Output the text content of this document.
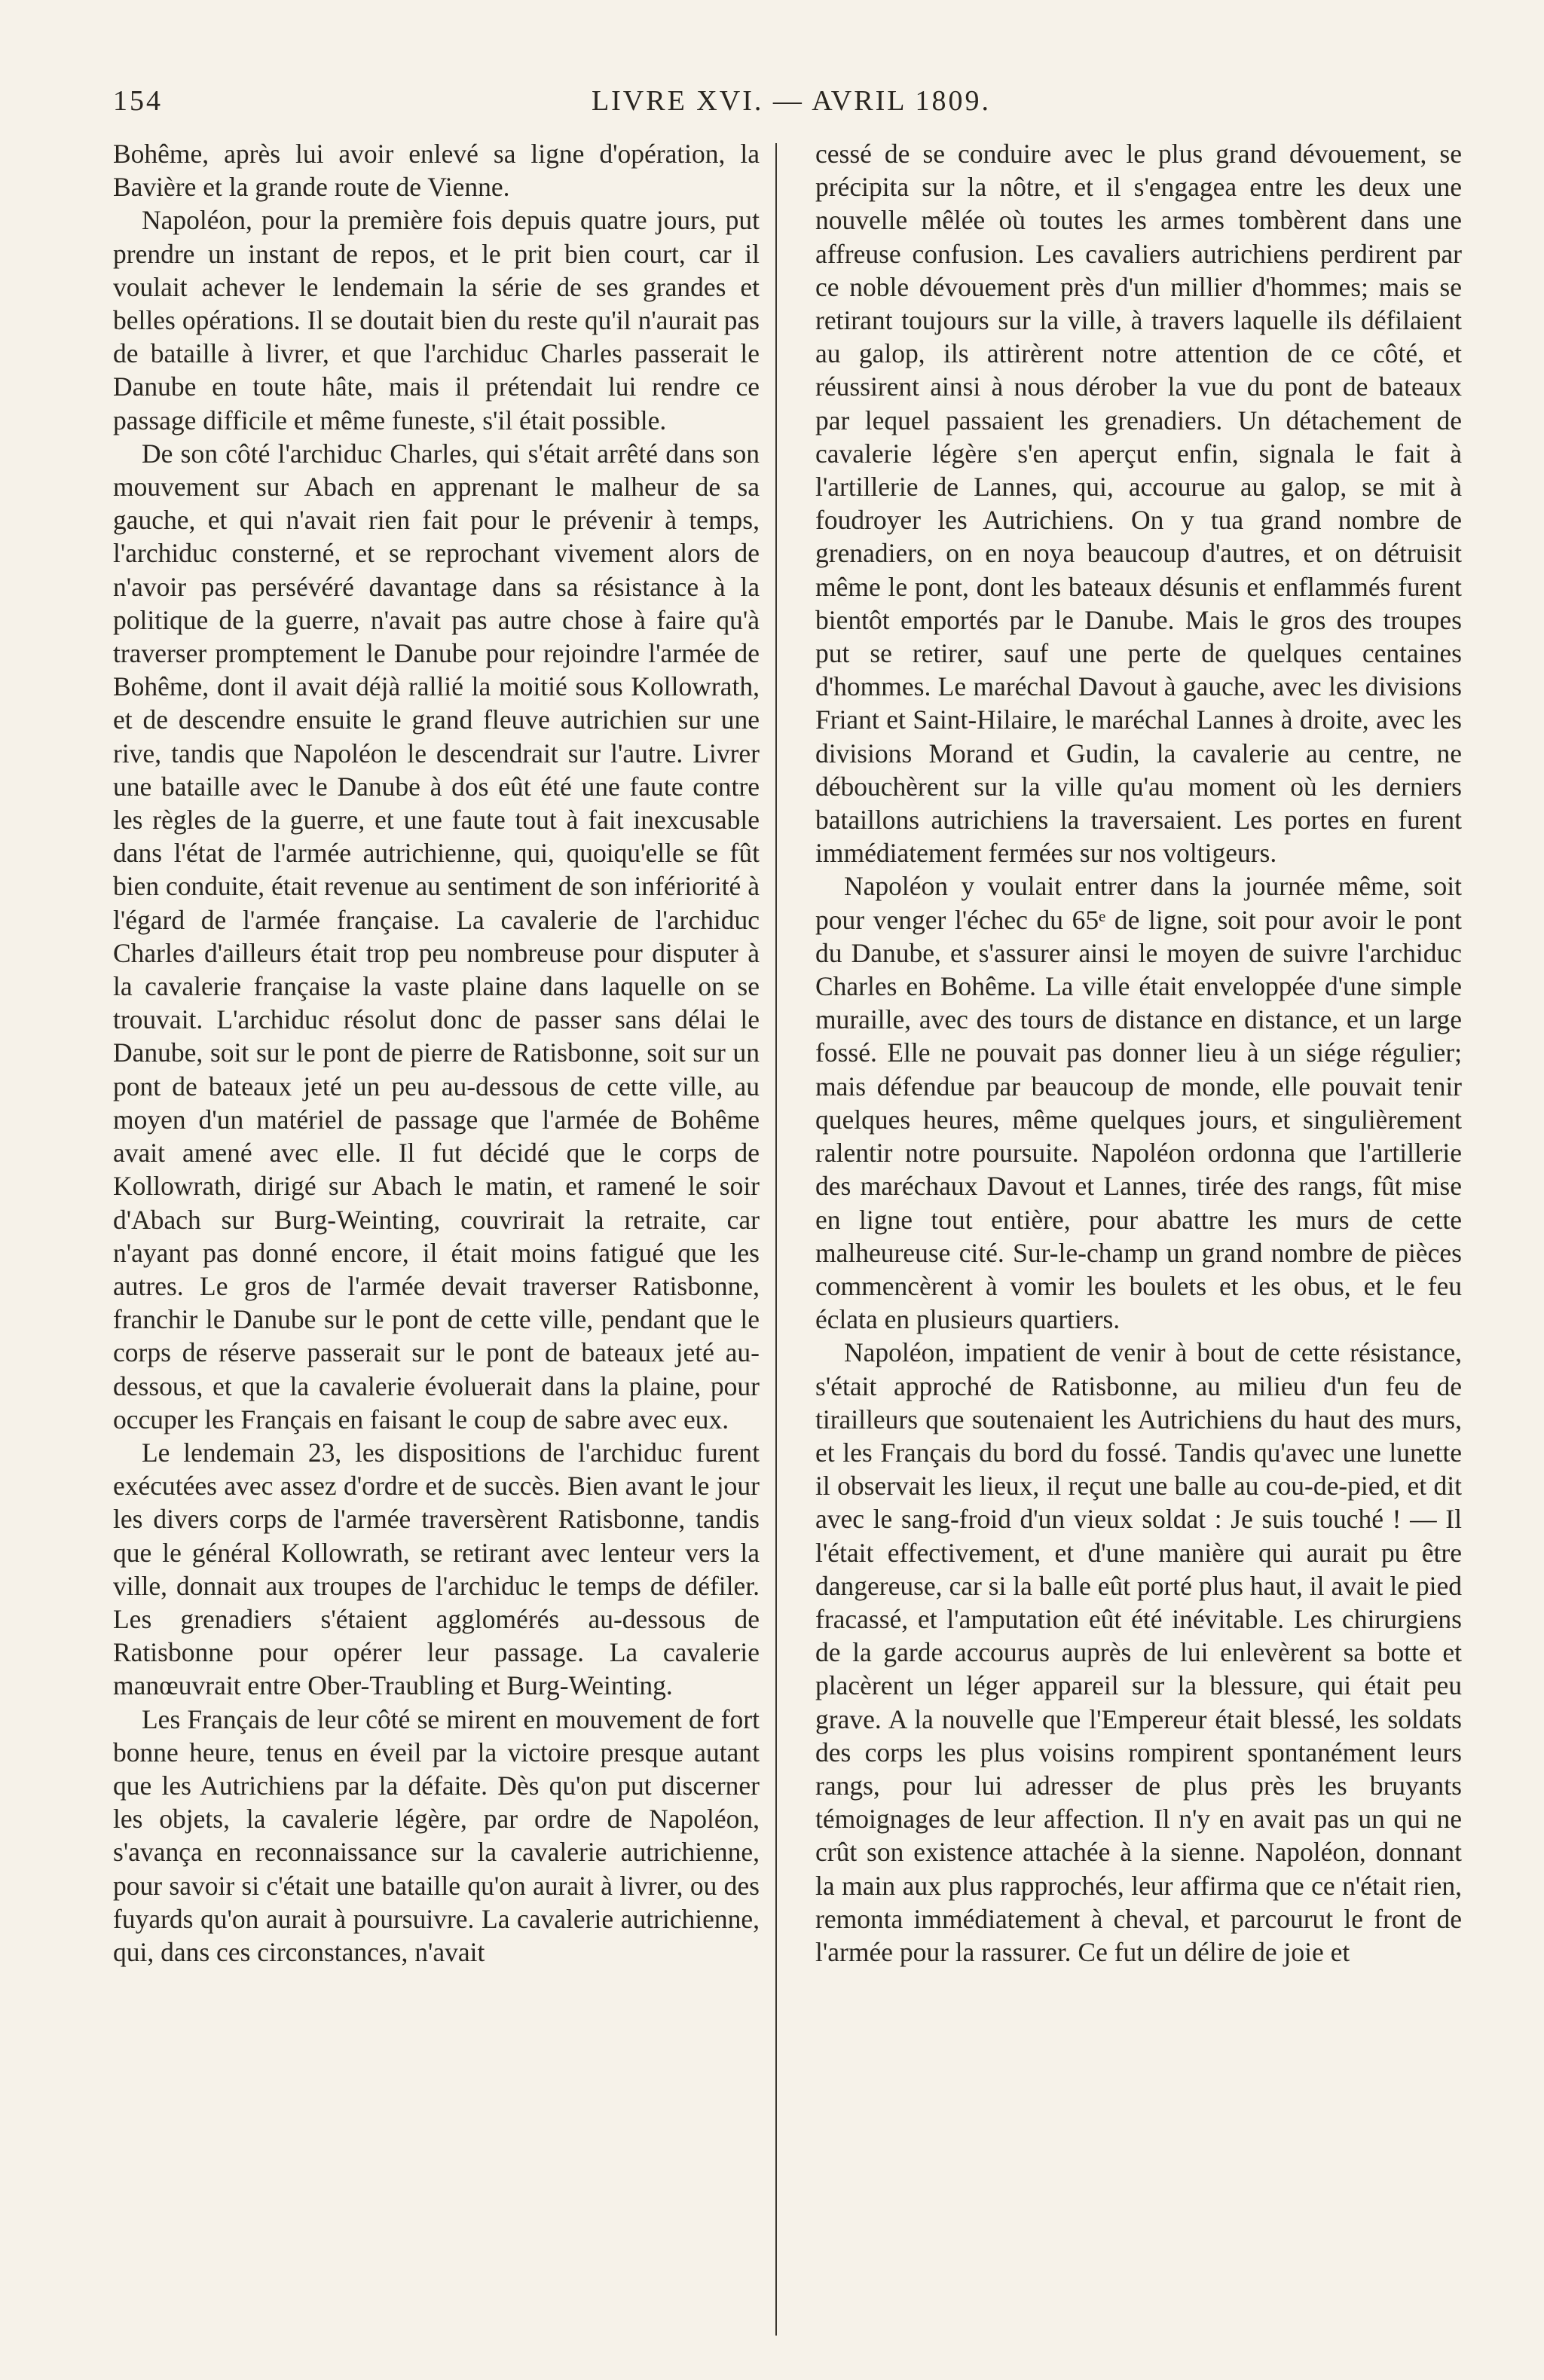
154	LIVRE XVI. — AVRIL 1809.

Bohême, après lui avoir enlevé sa ligne d'opération, la Bavière et la grande route de Vienne.

Napoléon, pour la première fois depuis quatre jours, put prendre un instant de repos, et le prit bien court, car il voulait achever le lendemain la série de ses grandes et belles opérations. Il se doutait bien du reste qu'il n'aurait pas de bataille à livrer, et que l'archiduc Charles passerait le Danube en toute hâte, mais il prétendait lui rendre ce passage difficile et même funeste, s'il était possible.

De son côté l'archiduc Charles, qui s'était arrêté dans son mouvement sur Abach en apprenant le malheur de sa gauche, et qui n'avait rien fait pour le prévenir à temps, l'archiduc consterné, et se reprochant vivement alors de n'avoir pas persévéré davantage dans sa résistance à la politique de la guerre, n'avait pas autre chose à faire qu'à traverser promptement le Danube pour rejoindre l'armée de Bohême, dont il avait déjà rallié la moitié sous Kollowrath, et de descendre ensuite le grand fleuve autrichien sur une rive, tandis que Napoléon le descendrait sur l'autre. Livrer une bataille avec le Danube à dos eût été une faute contre les règles de la guerre, et une faute tout à fait inexcusable dans l'état de l'armée autrichienne, qui, quoiqu'elle se fût bien conduite, était revenue au sentiment de son infériorité à l'égard de l'armée française. La cavalerie de l'archiduc Charles d'ailleurs était trop peu nombreuse pour disputer à la cavalerie française la vaste plaine dans laquelle on se trouvait. L'archiduc résolut donc de passer sans délai le Danube, soit sur le pont de pierre de Ratisbonne, soit sur un pont de bateaux jeté un peu au-dessous de cette ville, au moyen d'un matériel de passage que l'armée de Bohême avait amené avec elle. Il fut décidé que le corps de Kollowrath, dirigé sur Abach le matin, et ramené le soir d'Abach sur Burg-Weinting, couvrirait la retraite, car n'ayant pas donné encore, il était moins fatigué que les autres. Le gros de l'armée devait traverser Ratisbonne, franchir le Danube sur le pont de cette ville, pendant que le corps de réserve passerait sur le pont de bateaux jeté au-dessous, et que la cavalerie évoluerait dans la plaine, pour occuper les Français en faisant le coup de sabre avec eux.

Le lendemain 23, les dispositions de l'archiduc furent exécutées avec assez d'ordre et de succès. Bien avant le jour les divers corps de l'armée traversèrent Ratisbonne, tandis que le général Kollowrath, se retirant avec lenteur vers la ville, donnait aux troupes de l'archiduc le temps de défiler. Les grenadiers s'étaient agglomérés au-dessous de Ratisbonne pour opérer leur passage. La cavalerie manœuvrait entre Ober-Traubling et Burg-Weinting.

Les Français de leur côté se mirent en mouvement de fort bonne heure, tenus en éveil par la victoire presque autant que les Autrichiens par la défaite. Dès qu'on put discerner les objets, la cavalerie légère, par ordre de Napoléon, s'avança en reconnaissance sur la cavalerie autrichienne, pour savoir si c'était une bataille qu'on aurait à livrer, ou des fuyards qu'on aurait à poursuivre. La cavalerie autrichienne, qui, dans ces circonstances, n'avait

cessé de se conduire avec le plus grand dévouement, se précipita sur la nôtre, et il s'engagea entre les deux une nouvelle mêlée où toutes les armes tombèrent dans une affreuse confusion. Les cavaliers autrichiens perdirent par ce noble dévouement près d'un millier d'hommes; mais se retirant toujours sur la ville, à travers laquelle ils défilaient au galop, ils attirèrent notre attention de ce côté, et réussirent ainsi à nous dérober la vue du pont de bateaux par lequel passaient les grenadiers. Un détachement de cavalerie légère s'en aperçut enfin, signala le fait à l'artillerie de Lannes, qui, accourue au galop, se mit à foudroyer les Autrichiens. On y tua grand nombre de grenadiers, on en noya beaucoup d'autres, et on détruisit même le pont, dont les bateaux désunis et enflammés furent bientôt emportés par le Danube. Mais le gros des troupes put se retirer, sauf une perte de quelques centaines d'hommes. Le maréchal Davout à gauche, avec les divisions Friant et Saint-Hilaire, le maréchal Lannes à droite, avec les divisions Morand et Gudin, la cavalerie au centre, ne débouchèrent sur la ville qu'au moment où les derniers bataillons autrichiens la traversaient. Les portes en furent immédiatement fermées sur nos voltigeurs.

Napoléon y voulait entrer dans la journée même, soit pour venger l'échec du 65ᵉ de ligne, soit pour avoir le pont du Danube, et s'assurer ainsi le moyen de suivre l'archiduc Charles en Bohême. La ville était enveloppée d'une simple muraille, avec des tours de distance en distance, et un large fossé. Elle ne pouvait pas donner lieu à un siége régulier; mais défendue par beaucoup de monde, elle pouvait tenir quelques heures, même quelques jours, et singulièrement ralentir notre poursuite. Napoléon ordonna que l'artillerie des maréchaux Davout et Lannes, tirée des rangs, fût mise en ligne tout entière, pour abattre les murs de cette malheureuse cité. Sur-le-champ un grand nombre de pièces commencèrent à vomir les boulets et les obus, et le feu éclata en plusieurs quartiers.

Napoléon, impatient de venir à bout de cette résistance, s'était approché de Ratisbonne, au milieu d'un feu de tirailleurs que soutenaient les Autrichiens du haut des murs, et les Français du bord du fossé. Tandis qu'avec une lunette il observait les lieux, il reçut une balle au cou-de-pied, et dit avec le sang-froid d'un vieux soldat : Je suis touché ! — Il l'était effectivement, et d'une manière qui aurait pu être dangereuse, car si la balle eût porté plus haut, il avait le pied fracassé, et l'amputation eût été inévitable. Les chirurgiens de la garde accourus auprès de lui enlevèrent sa botte et placèrent un léger appareil sur la blessure, qui était peu grave. A la nouvelle que l'Empereur était blessé, les soldats des corps les plus voisins rompirent spontanément leurs rangs, pour lui adresser de plus près les bruyants témoignages de leur affection. Il n'y en avait pas un qui ne crût son existence attachée à la sienne. Napoléon, donnant la main aux plus rapprochés, leur affirma que ce n'était rien, remonta immédiatement à cheval, et parcourut le front de l'armée pour la rassurer. Ce fut un délire de joie et
